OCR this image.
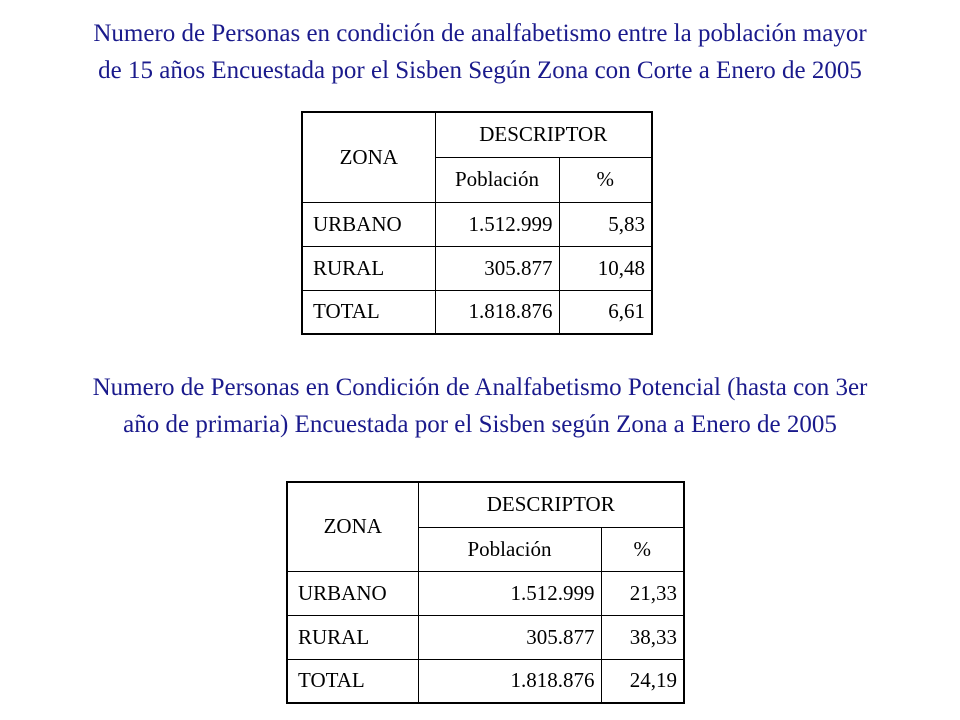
Numero de Personas en condición de analfabetismo entre la población mayor
de 15 años Encuestada por el Sisben Según Zona con Corte a Enero de 2005
ZONA	DESCRIPTOR	
	Población	%
URBANO	1.512.999	5,83
RURAL	305.877	10,48
TOTAL	1.818.876	6,61
Numero de Personas en Condición de Analfabetismo Potencial (hasta con 3er
año de primaria) Encuestada por el Sisben según Zona a Enero de 2005
ZONA	DESCRIPTOR	
	Población	%
URBANO	1.512.999	21,33
RURAL	305.877	38,33
TOTAL	1.818.876	24,19
